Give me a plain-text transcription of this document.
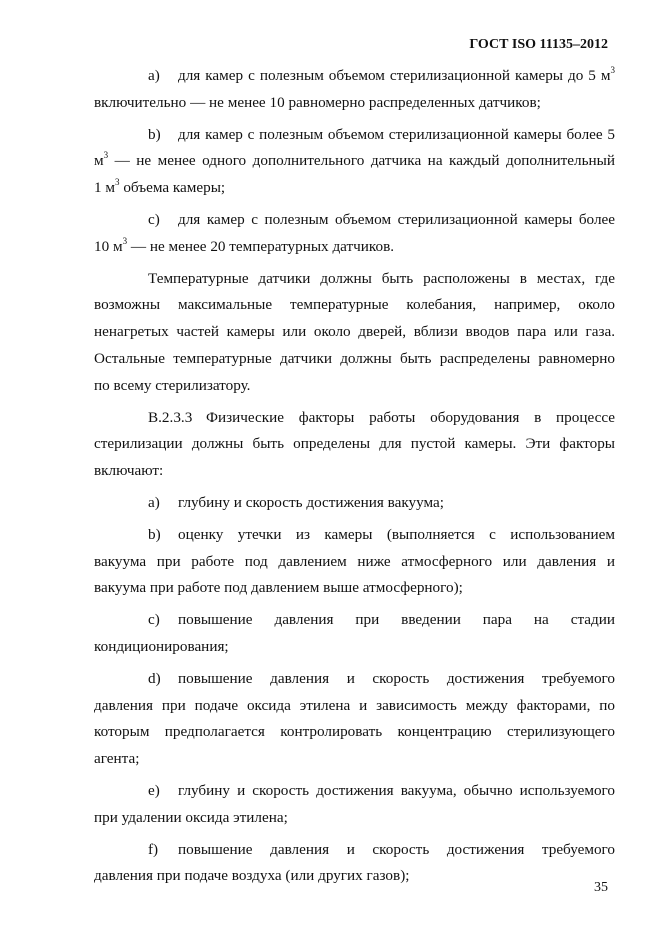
ГОСТ ISO 11135–2012

a) для камер с полезным объемом стерилизационной камеры до 5 $м^3$

включительно — не менее 10 равномерно распределенных датчиков;

b) для камер с полезным объемом стерилизационной камеры более 5

$м^3$ — не менее одного дополнительного датчика на каждый дополнительный

1 $м^3$ объема камеры;

c) для камер с полезным объемом стерилизационной камеры более

10 $м^3$ — не менее 20 температурных датчиков.

Температурные датчики должны быть расположены в местах, где

возможны максимальные температурные колебания, например, около

ненагретых частей камеры или около дверей, вблизи вводов пара или газа.

Остальные температурные датчики должны быть распределены равномерно

по всему стерилизатору.

В.2.3.3 Физические факторы работы оборудования в процессе

стерилизации должны быть определены для пустой камеры. Эти факторы

включают:

a) глубину и скорость достижения вакуума;

b) оценку утечки из камеры (выполняется с использованием

вакуума при работе под давлением ниже атмосферного или давления и

вакуума при работе под давлением выше атмосферного);

c) повышение давления при введении пара на стадии

кондиционирования;

d) повышение давления и скорость достижения требуемого

давления при подаче оксида этилена и зависимость между факторами, по

которым предполагается контролировать концентрацию стерилизующего

агента;

e) глубину и скорость достижения вакуума, обычно используемого

при удалении оксида этилена;

f) повышение давления и скорость достижения требуемого

давления при подаче воздуха (или других газов);

35
